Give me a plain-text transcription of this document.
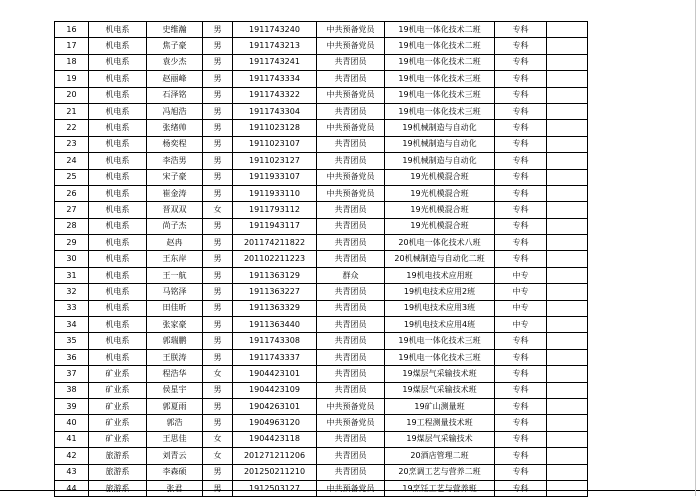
16	机电系	史维瀚	男	1911743240	中共预备党员	19机电一体化技术二班	专科	
17	机电系	焦子豪	男	1911743213	中共预备党员	19机电一体化技术二班	专科	
18	机电系	袁少杰	男	1911743241	共青团员	19机电一体化技术二班	专科	
19	机电系	赵丽峰	男	1911743334	共青团员	19机电一体化技术三班	专科	
20	机电系	石泽铭	男	1911743322	中共预备党员	19机电一体化技术三班	专科	
21	机电系	冯旭浩	男	1911743304	共青团员	19机电一体化技术三班	专科	
22	机电系	张绪帅	男	1911023128	中共预备党员	19机械制造与自动化	专科	
23	机电系	杨奕程	男	1911023107	共青团员	19机械制造与自动化	专科	
24	机电系	李浩男	男	1911023127	共青团员	19机械制造与自动化	专科	
25	机电系	宋子豪	男	1911933107	中共预备党员	19光机模混合班	专科	
26	机电系	崔金涛	男	1911933110	中共预备党员	19光机模混合班	专科	
27	机电系	晋双双	女	1911793112	共青团员	19光机模混合班	专科	
28	机电系	尚子杰	男	1911943117	共青团员	19光机模混合班	专科	
29	机电系	赵冉	男	201174211822	共青团员	20机电一体化技术八班	专科	
30	机电系	王东岸	男	201102211223	共青团员	20机械制造与自动化二班	专科	
31	机电系	王一航	男	1911363129	群众	19机电技术应用班	中专	
32	机电系	马铭泽	男	1911363227	共青团员	19机电技术应用2班	中专	
33	机电系	田佳昕	男	1911363329	共青团员	19机电技术应用3班	中专	
34	机电系	张家豪	男	1911363440	共青团员	19机电技术应用4班	中专	
35	机电系	郭瑞鹏	男	1911743308	共青团员	19机电一体化技术三班	专科	
36	机电系	王朕涛	男	1911743337	共青团员	19机电一体化技术三班	专科	
37	矿业系	程浩华	女	1904423101	共青团员	19煤层气采输技术班	专科	
38	矿业系	侯星宇	男	1904423109	共青团员	19煤层气采输技术班	专科	
39	矿业系	郭夏雨	男	1904263101	中共预备党员	19矿山测量班	专科	
40	矿业系	郭浩	男	1904963120	中共预备党员	19工程测量技术班	专科	
41	矿业系	王思佳	女	1904423118	共青团员	19煤层气采输技术	专科	
42	旅游系	刘青云	女	201271211206	共青团员	20酒店管理二班	专科	
43	旅游系	李森硕	男	201250211210	共青团员	20烹调工艺与营养二班	专科	
44	旅游系	张君	男	1912503127	中共预备党员	19烹饪工艺与营养班	专科	
